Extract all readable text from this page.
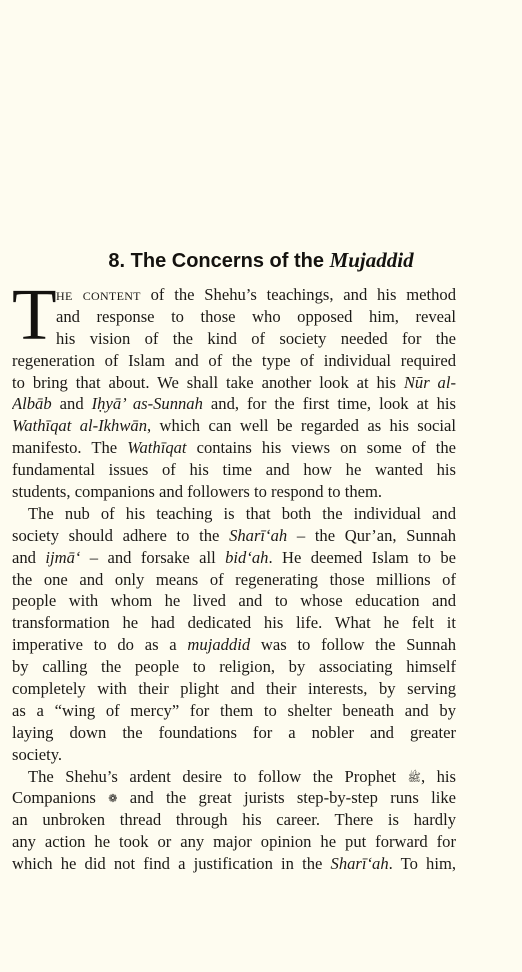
8. The Concerns of the Mujaddid
T he content of the Shehu’s teachings, and his method
and response to those who opposed him, reveal
his vision of the kind of society needed for the
regeneration of Islam and of the type of individual required
to bring that about. We shall take another look at his Nūr al-
Albāb and Iḥyā’ as-Sunnah and, for the first time, look at his
Wathīqat al-Ikhwān, which can well be regarded as his social
manifesto. The Wathīqat contains his views on some of the
fundamental issues of his time and how he wanted his
students, companions and followers to respond to them.
The nub of his teaching is that both the individual and
society should adhere to the Sharī‘ah – the Qur’an, Sunnah
and ijmā‘ – and forsake all bid‘ah. He deemed Islam to be
the one and only means of regenerating those millions of
people with whom he lived and to whose education and
transformation he had dedicated his life. What he felt it
imperative to do as a mujaddid was to follow the Sunnah
by calling the people to religion, by associating himself
completely with their plight and their interests, by serving
as a “wing of mercy” for them to shelter beneath and by
laying down the foundations for a nobler and greater
society.
The Shehu’s ardent desire to follow the Prophet ﷺ, his
Companions ❁ and the great jurists step-by-step runs like
an unbroken thread through his career. There is hardly
any action he took or any major opinion he put forward for
which he did not find a justification in the Sharī‘ah. To him,
